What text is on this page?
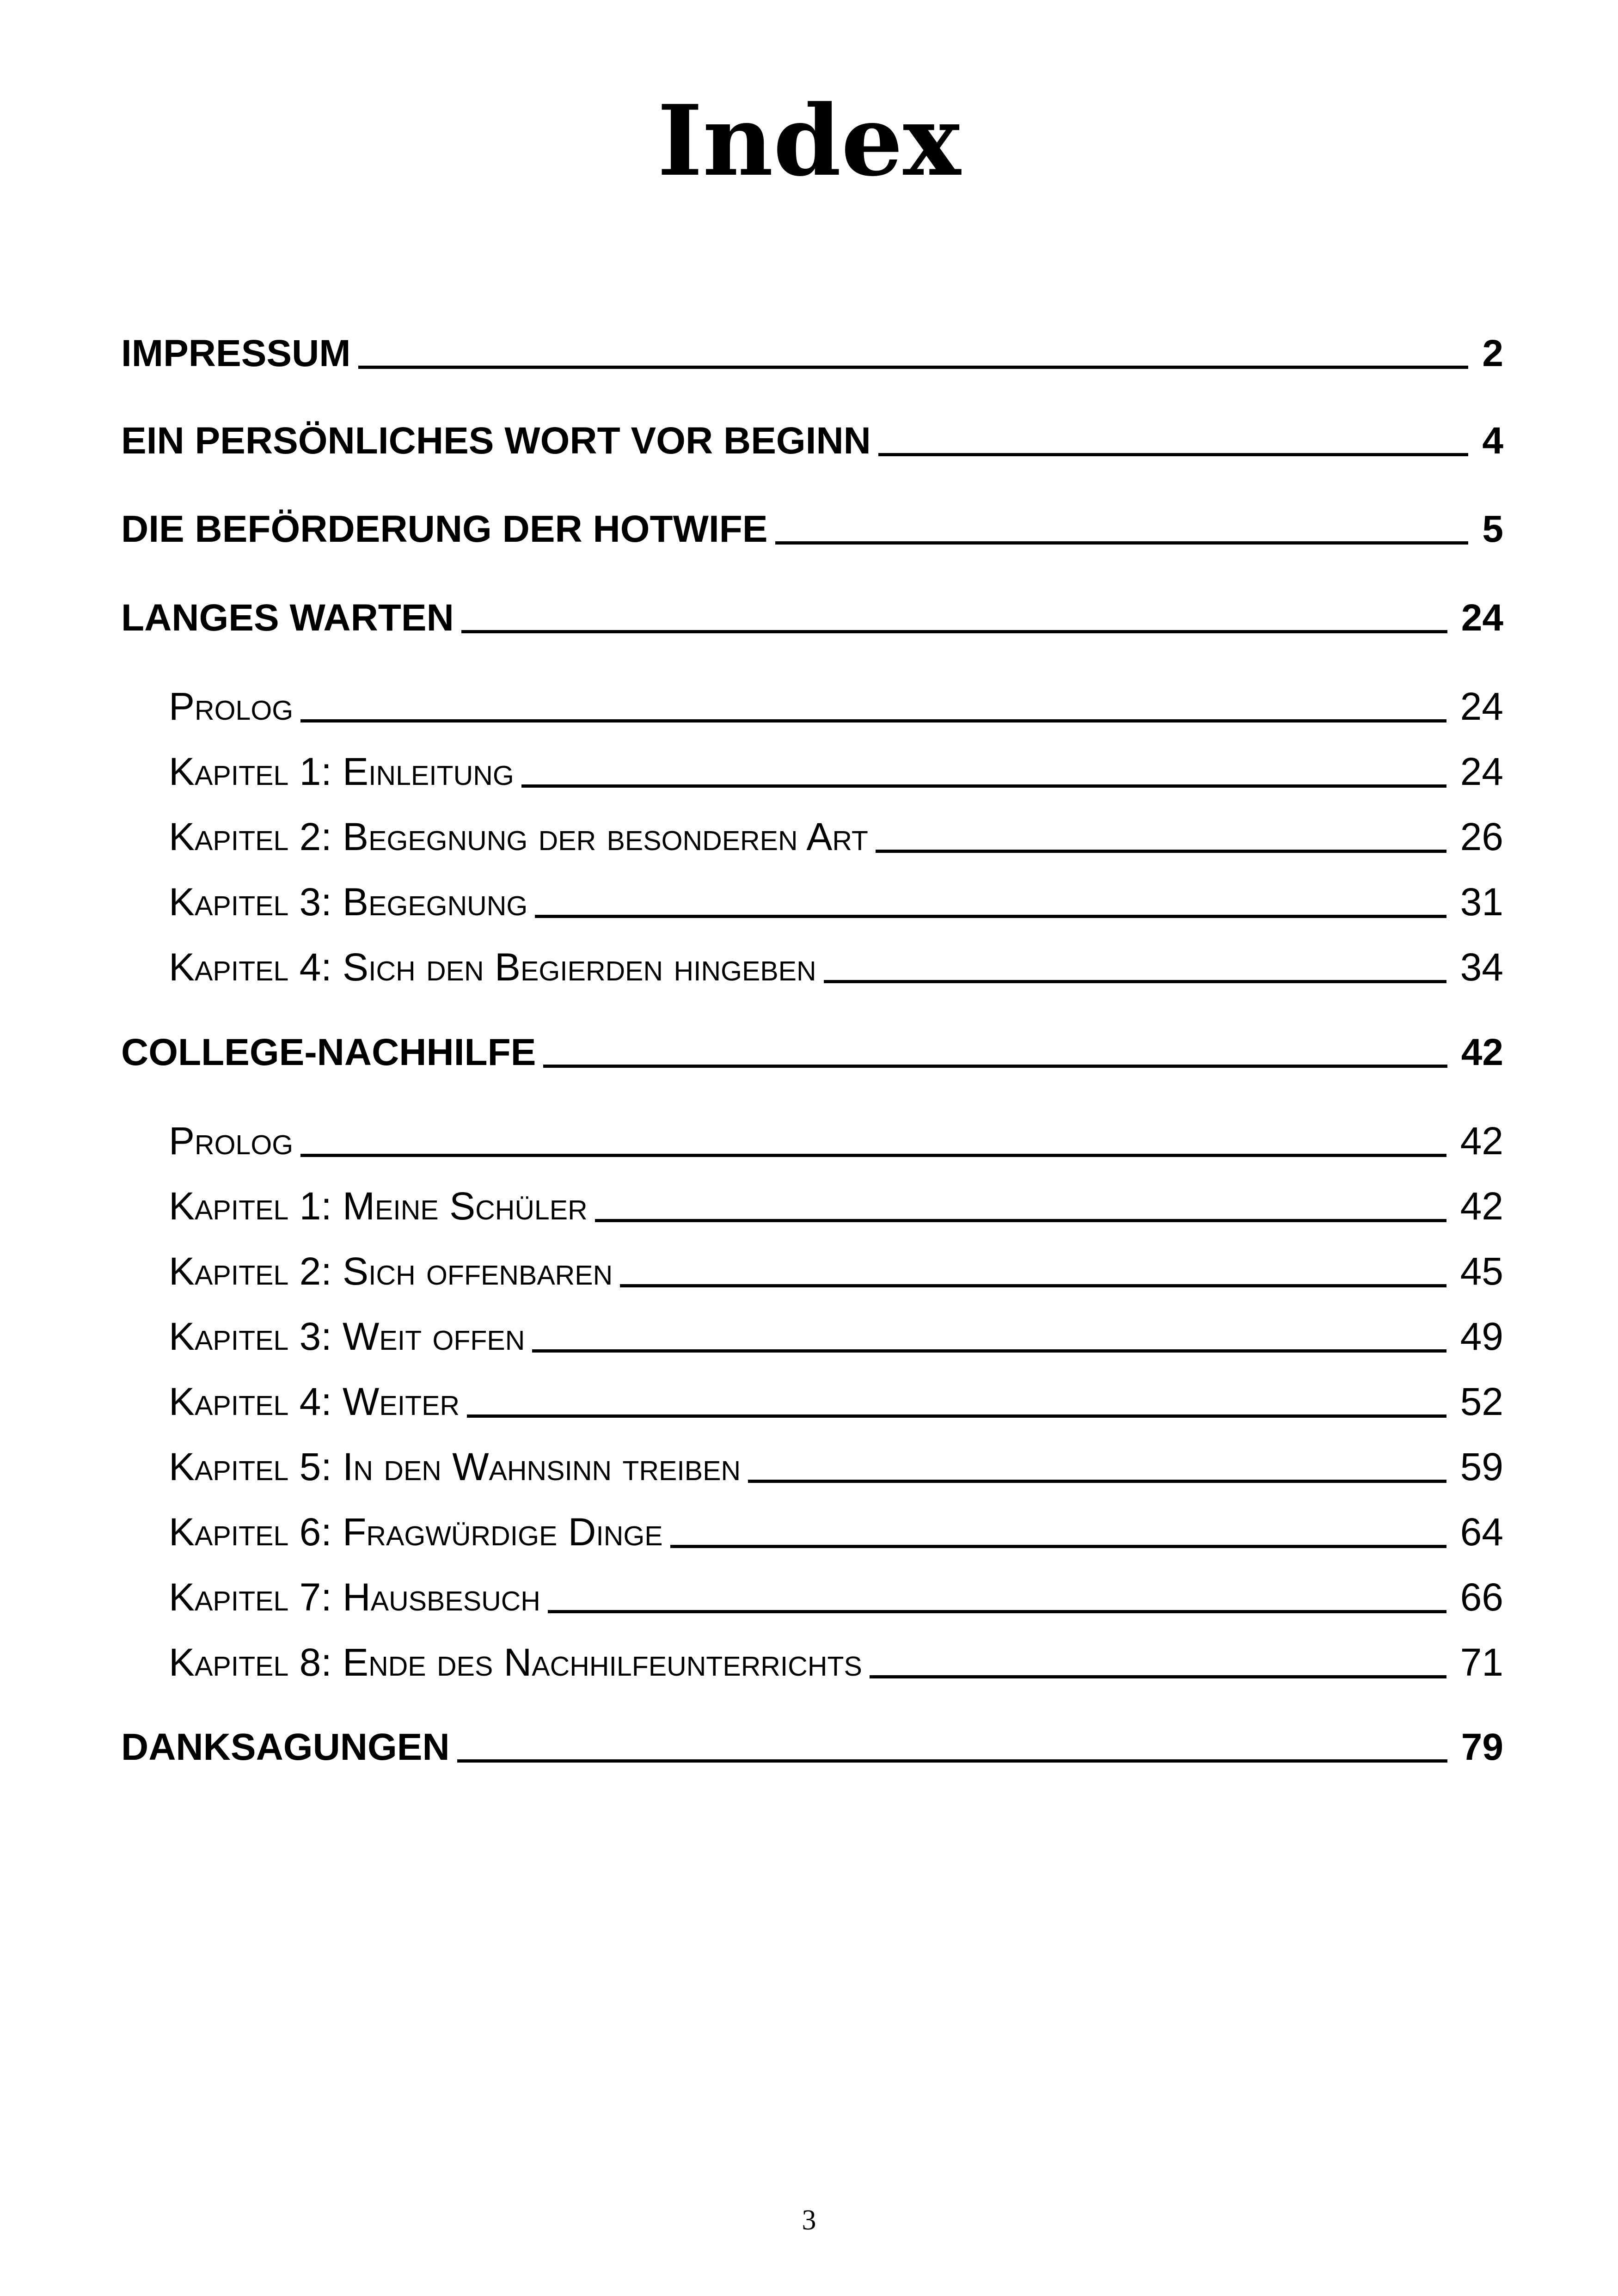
Index
IMPRESSUM	2
EIN PERSÖNLICHES WORT VOR BEGINN	4
DIE BEFÖRDERUNG DER HOTWIFE	5
LANGES WARTEN	24
Prolog	24
Kapitel 1: Einleitung	24
Kapitel 2: Begegnung der besonderen Art	26
Kapitel 3: Begegnung	31
Kapitel 4: Sich den Begierden hingeben	34
COLLEGE-NACHHILFE	42
Prolog	42
Kapitel 1: Meine Schüler	42
Kapitel 2: Sich offenbaren	45
Kapitel 3: Weit offen	49
Kapitel 4: Weiter	52
Kapitel 5: In den Wahnsinn treiben	59
Kapitel 6: Fragwürdige Dinge	64
Kapitel 7: Hausbesuch	66
Kapitel 8: Ende des Nachhilfeunterrichts	71
DANKSAGUNGEN	79
3
